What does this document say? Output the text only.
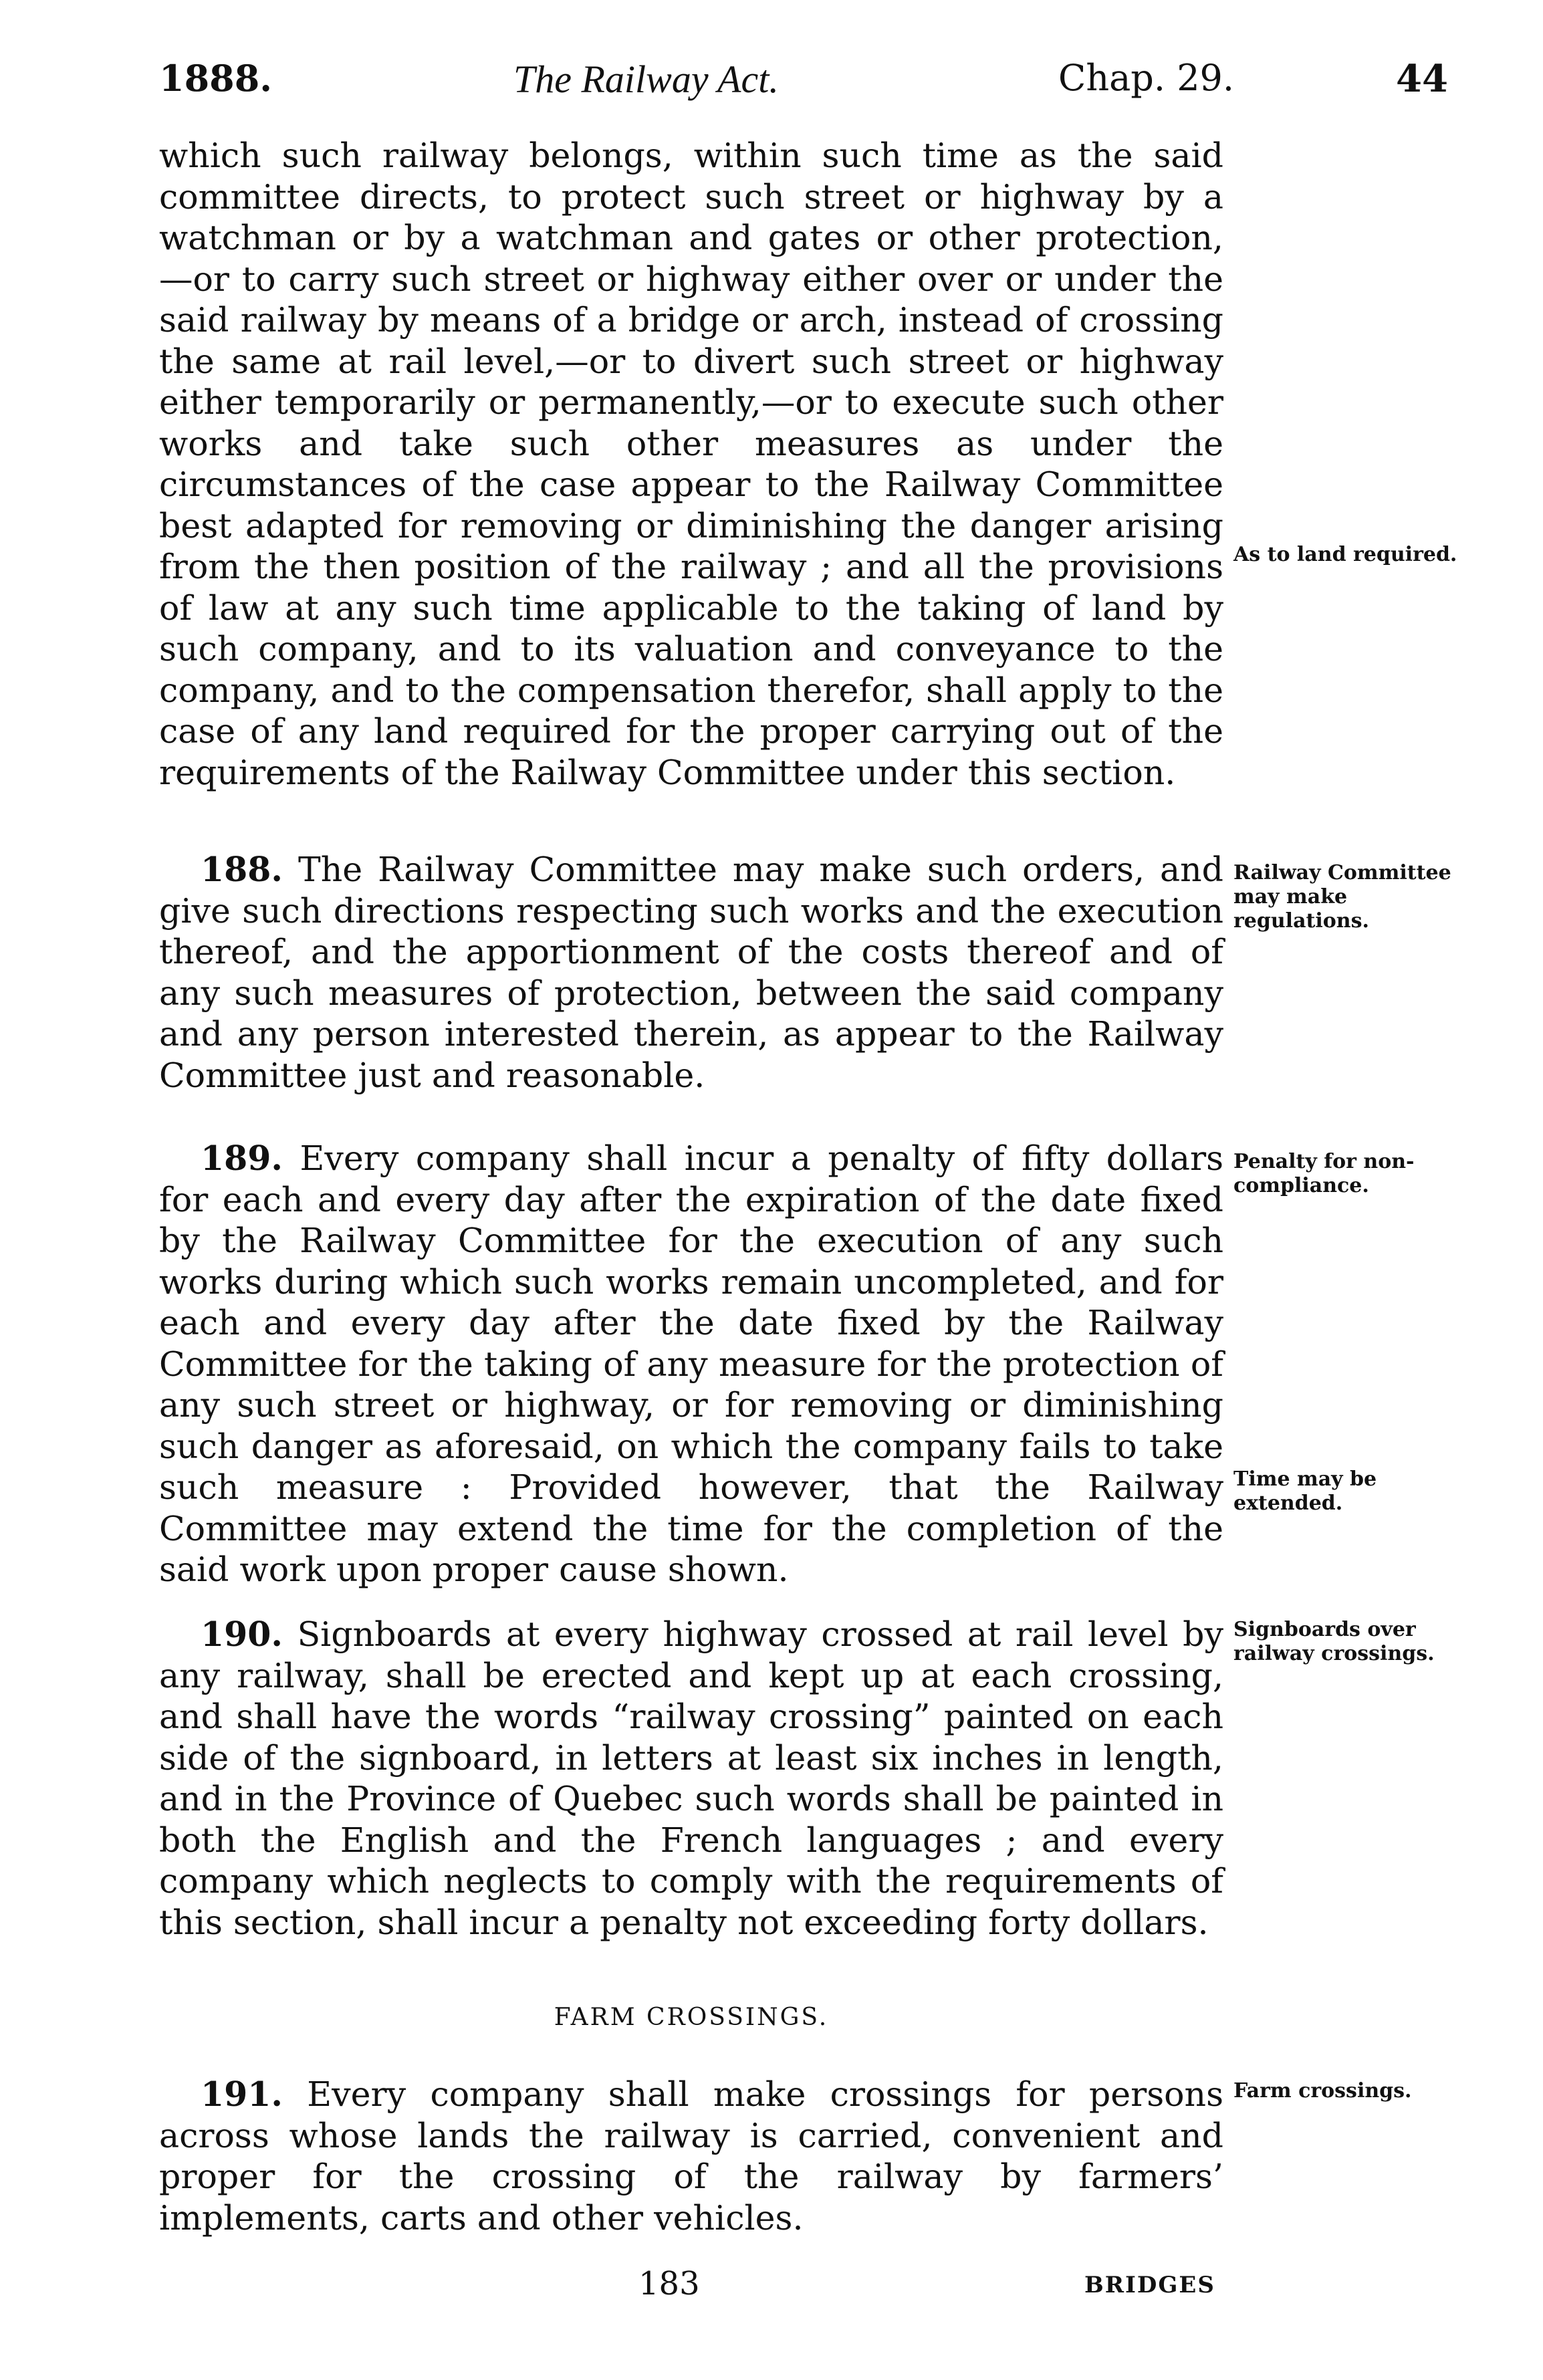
1888.	The Railway Act.	Chap. 29.	44
which such railway belongs, within such time as the said committee directs, to protect such street or highway by a watchman or by a watchman and gates or other protection, —or to carry such street or highway either over or under the said railway by means of a bridge or arch, instead of crossing the same at rail level,—or to divert such street or highway either temporarily or permanently,—or to execute such other works and take such other measures as under the circumstances of the case appear to the Railway Committee best adapted for removing or diminishing the danger arising from the then position of the railway ; and all the provisions of law at any such time applicable to the taking of land by such company, and to its valuation and conveyance to the company, and to the compensation therefor, shall apply to the case of any land required for the proper carrying out of the requirements of the Railway Committee under this section.
188. The Railway Committee may make such orders, and give such directions respecting such works and the execution thereof, and the apportionment of the costs thereof and of any such measures of protection, between the said company and any person interested therein, as appear to the Railway Committee just and reasonable.
189. Every company shall incur a penalty of fifty dollars for each and every day after the expiration of the date fixed by the Railway Committee for the execution of any such works during which such works remain uncompleted, and for each and every day after the date fixed by the Railway Committee for the taking of any measure for the protection of any such street or highway, or for removing or diminishing such danger as aforesaid, on which the company fails to take such measure : Provided however, that the Railway Committee may extend the time for the completion of the said work upon proper cause shown.
190. Signboards at every highway crossed at rail level by any railway, shall be erected and kept up at each crossing, and shall have the words “railway crossing” painted on each side of the signboard, in letters at least six inches in length, and in the Province of Quebec such words shall be painted in both the English and the French languages ; and every company which neglects to comply with the requirements of this section, shall incur a penalty not exceeding forty dollars.
FARM CROSSINGS.
191. Every company shall make crossings for persons across whose lands the railway is carried, convenient and proper for the crossing of the railway by farmers’ implements, carts and other vehicles.
As to land required.
Railway Committee may make regulations.
Penalty for non-compliance.
Time may be extended.
Signboards over railway crossings.
Farm crossings.
183	BRIDGES
